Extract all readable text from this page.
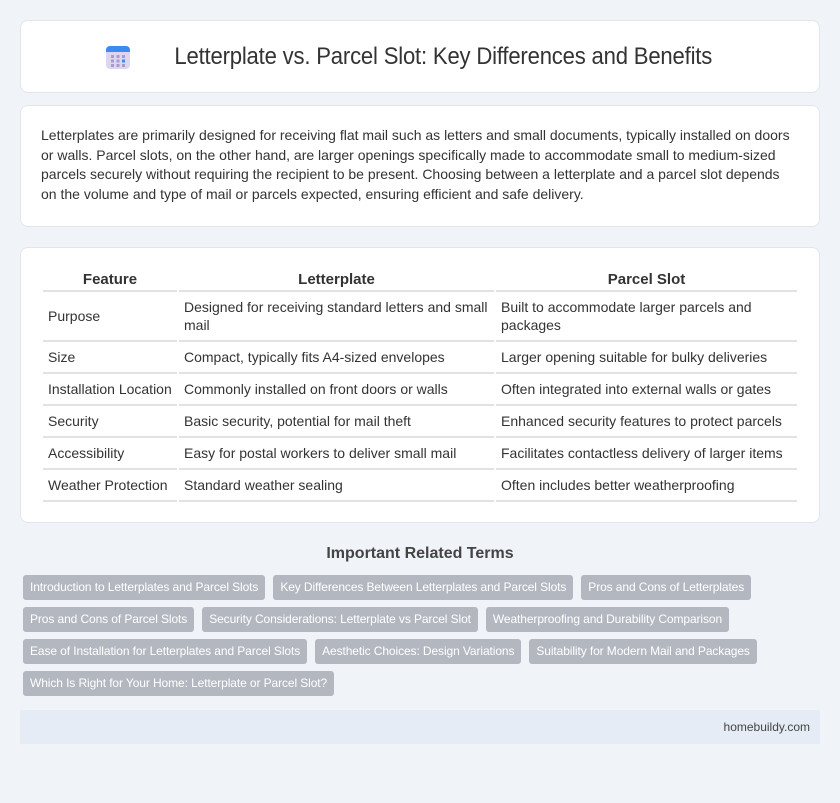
Letterplate vs. Parcel Slot: Key Differences and Benefits

Letterplates are primarily designed for receiving flat mail such as letters and small documents, typically installed on doors or walls. Parcel slots, on the other hand, are larger openings specifically made to accommodate small to medium-sized parcels securely without requiring the recipient to be present. Choosing between a letterplate and a parcel slot depends on the volume and type of mail or parcels expected, ensuring efficient and safe delivery.

Feature	Letterplate	Parcel Slot
Purpose	Designed for receiving standard letters and small mail	Built to accommodate larger parcels and packages
Size	Compact, typically fits A4-sized envelopes	Larger opening suitable for bulky deliveries
Installation Location	Commonly installed on front doors or walls	Often integrated into external walls or gates
Security	Basic security, potential for mail theft	Enhanced security features to protect parcels
Accessibility	Easy for postal workers to deliver small mail	Facilitates contactless delivery of larger items
Weather Protection	Standard weather sealing	Often includes better weatherproofing
Important Related Terms
Introduction to Letterplates and Parcel Slots	Key Differences Between Letterplates and Parcel Slots	Pros and Cons of Letterplates
Pros and Cons of Parcel Slots	Security Considerations: Letterplate vs Parcel Slot	Weatherproofing and Durability Comparison
Ease of Installation for Letterplates and Parcel Slots	Aesthetic Choices: Design Variations	Suitability for Modern Mail and Packages
Which Is Right for Your Home: Letterplate or Parcel Slot?
homebuildy.com
